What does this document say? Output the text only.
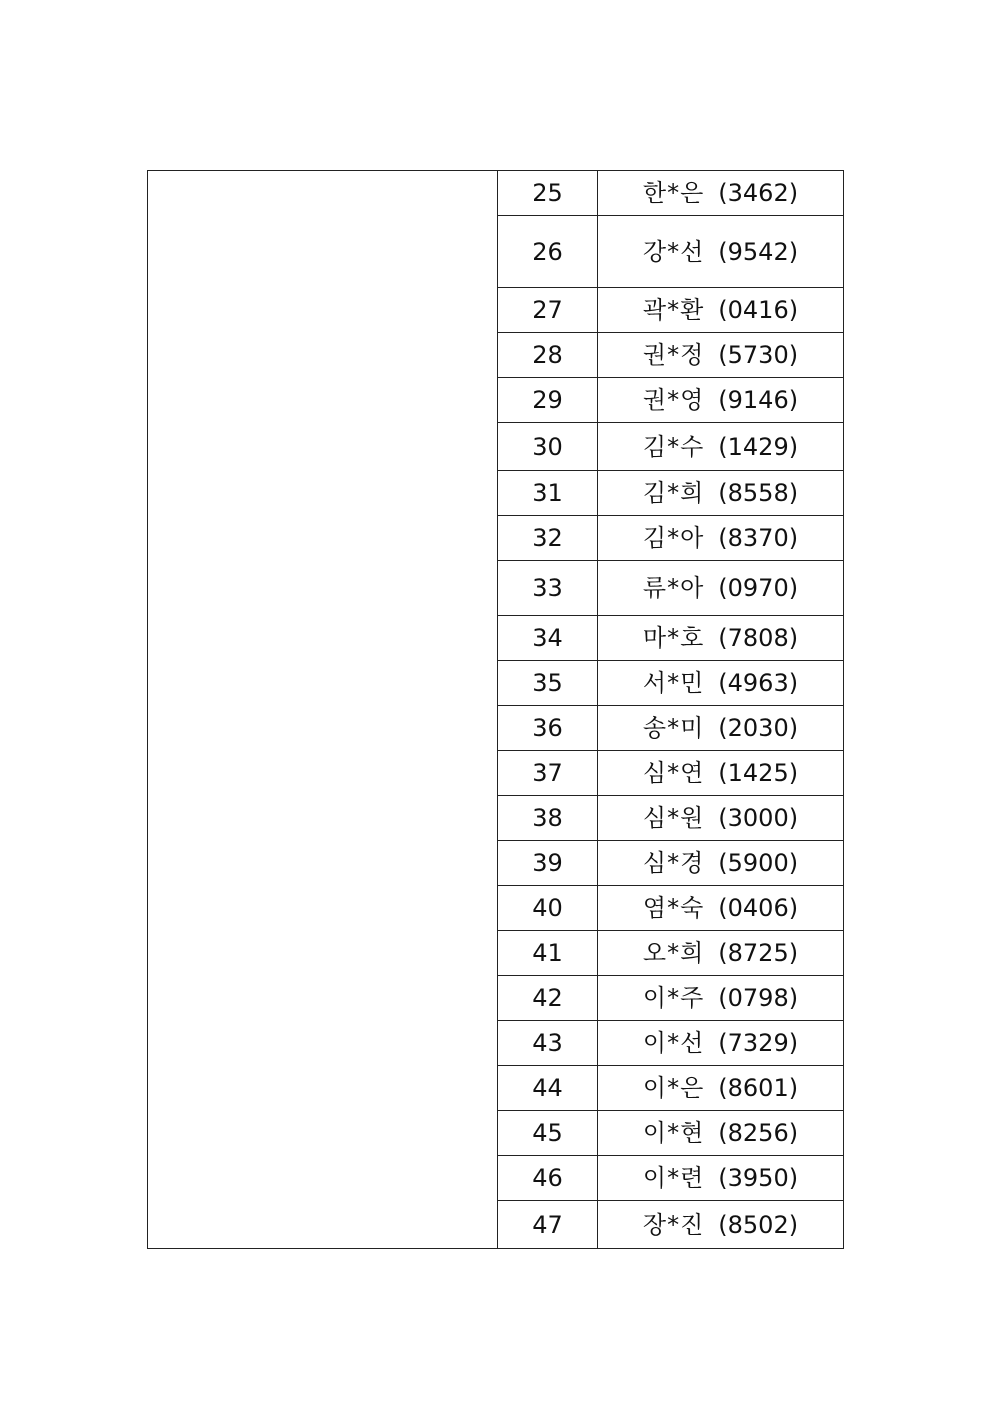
	25	한*은 (3462)
	26	강*선 (9542)
	27	곽*환 (0416)
	28	권*정 (5730)
	29	권*영 (9146)
	30	김*수 (1429)
	31	김*희 (8558)
	32	김*아 (8370)
	33	류*아 (0970)
	34	마*호 (7808)
	35	서*민 (4963)
	36	송*미 (2030)
	37	심*연 (1425)
	38	심*원 (3000)
	39	심*경 (5900)
	40	염*숙 (0406)
	41	오*희 (8725)
	42	이*주 (0798)
	43	이*선 (7329)
	44	이*은 (8601)
	45	이*현 (8256)
	46	이*련 (3950)
	47	장*진 (8502)
